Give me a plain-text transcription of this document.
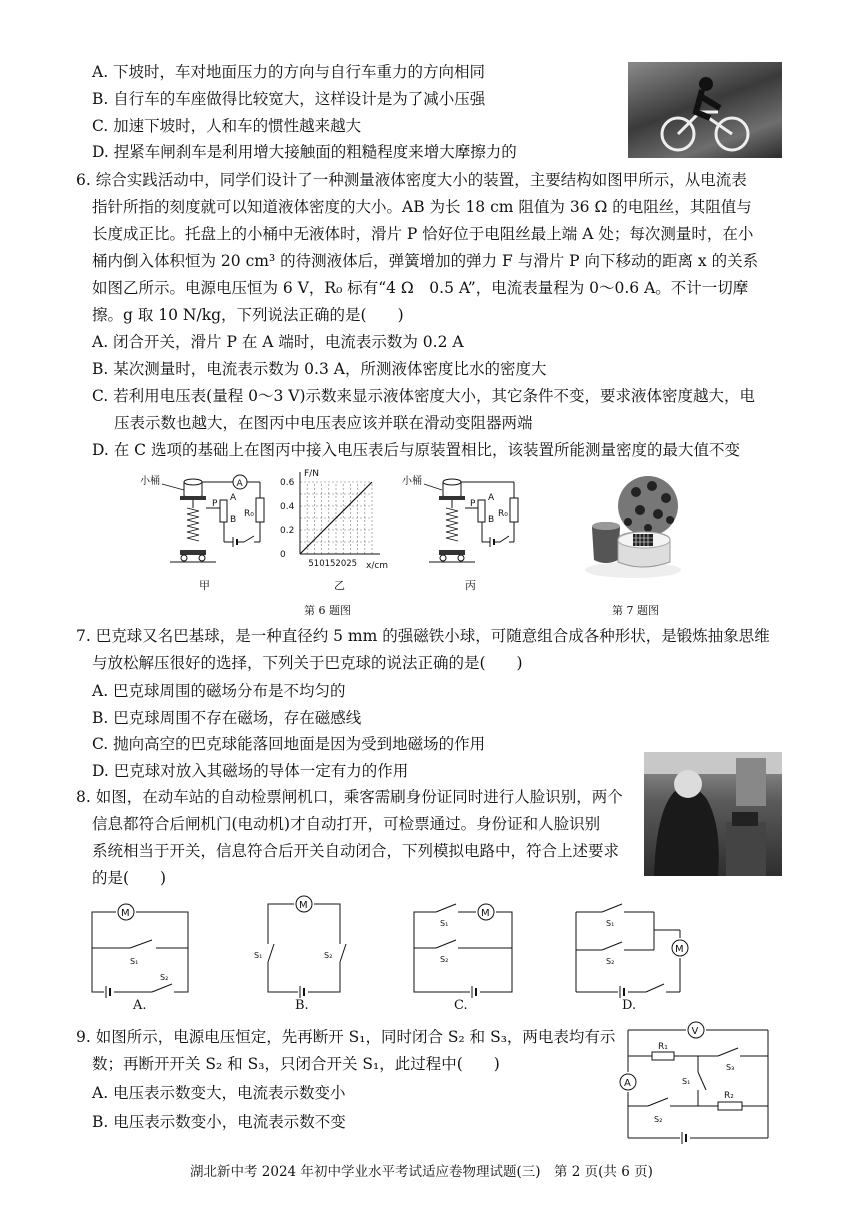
A. 下坡时，车对地面压力的方向与自行车重力的方向相同
B. 自行车的车座做得比较宽大，这样设计是为了减小压强
C. 加速下坡时，人和车的惯性越来越大
D. 捏紧车闸刹车是利用增大接触面的粗糙程度来增大摩擦力的
6. 综合实践活动中，同学们设计了一种测量液体密度大小的装置，主要结构如图甲所示，从电流表
指针所指的刻度就可以知道液体密度的大小。AB 为长 18 cm 阻值为 36 Ω 的电阻丝，其阻值与
长度成正比。托盘上的小桶中无液体时，滑片 P 恰好位于电阻丝最上端 A 处；每次测量时，在小
桶内倒入体积恒为 20 cm³ 的待测液体后，弹簧增加的弹力 F 与滑片 P 向下移动的距离 x 的关系
如图乙所示。电源电压恒为 6 V，R₀ 标有“4 Ω　0.5 A”，电流表量程为 0～0.6 A。不计一切摩
擦。g 取 10 N/kg，下列说法正确的是(　　)
A. 闭合开关，滑片 P 在 A 端时，电流表示数为 0.2 A
B. 某次测量时，电流表示数为 0.3 A，所测液体密度比水的密度大
C. 若利用电压表(量程 0～3 V)示数来显示液体密度大小，其它条件不变，要求液体密度越大，电
压表示数也越大，在图丙中电压表应该并联在滑动变阻器两端
D. 在 C 选项的基础上在图丙中接入电压表后与原装置相比，该装置所能测量密度的最大值不变
小桶
P
A
B
A
R₀
甲
F/N
x/cm
0.6
0.4
0.2
0
510152025
乙
小桶
P
A
B
R₀
丙
第 6 题图	第 7 题图
7. 巴克球又名巴基球，是一种直径约 5 mm 的强磁铁小球，可随意组合成各种形状，是锻炼抽象思维
与放松解压很好的选择，下列关于巴克球的说法正确的是(　　)
A. 巴克球周围的磁场分布是不均匀的
B. 巴克球周围不存在磁场，存在磁感线
C. 抛向高空的巴克球能落回地面是因为受到地磁场的作用
D. 巴克球对放入其磁场的导体一定有力的作用
8. 如图，在动车站的自动检票闸机口，乘客需刷身份证同时进行人脸识别，两个
信息都符合后闸机门(电动机)才自动打开，可检票通过。身份证和人脸识别
系统相当于开关，信息符合后开关自动闭合，下列模拟电路中，符合上述要求
的是(　　)
M
S₁
S₂
A.
M
S₁	S₂
B.
S₁
M
S₂
C.
S₁
S₂
M
D.
9. 如图所示，电源电压恒定，先再断开 S₁，同时闭合 S₂ 和 S₃，两电表均有示
数；再断开开关 S₂ 和 S₃，只闭合开关 S₁，此过程中(　　)
A. 电压表示数变大，电流表示数变小
B. 电压表示数变小，电流表示数不变
V
R₁
S₃
S₁
A
S₂
R₂
湖北新中考 2024 年初中学业水平考试适应卷物理试题(三)　第 2 页(共 6 页)
